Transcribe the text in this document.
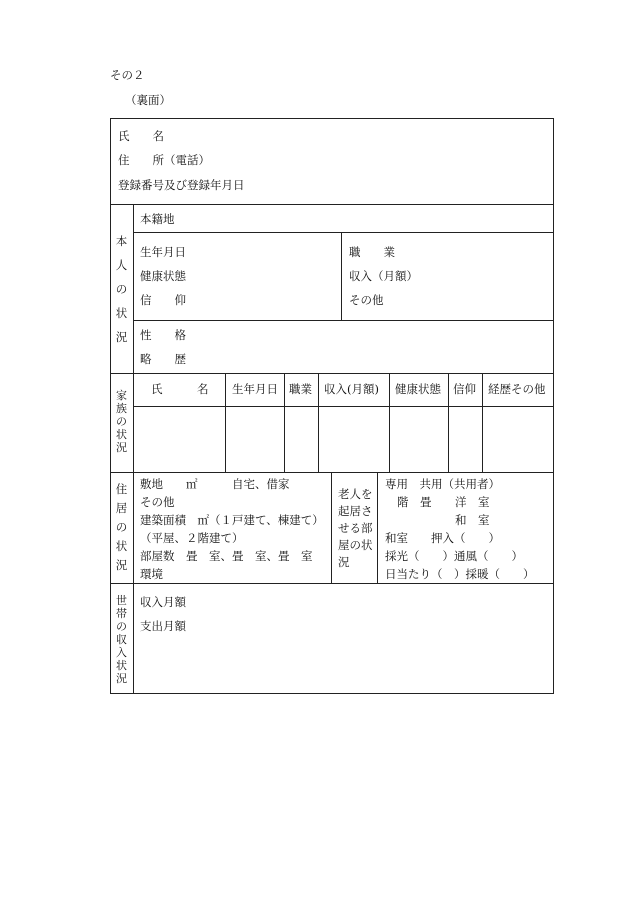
その２
（裏面）
氏　　名
住　　所（電話）
登録番号及び登録年月日
本
人
の
状
況
本籍地
生年月日
健康状態
信　　仰
職　　業
収入（月額）
その他
性　　格
略　　歴
家
族
の
状
況
氏　　　名 生年月日 職業 収入(月額) 健康状態 信仰 経歴その他
住
居
の
状
況
敷地　　㎡	自宅、借家
その他
建築面積　㎡（１戸建て、棟建て）
（平屋、２階建て）
部屋数　畳　室、畳　室、畳　室
環境
老人を
起居さ
せる部
屋の状
況
専用　共用（共用者）
階　畳 洋　室
和　室
和室　　押入（　　）
採光（　　）通風（　　）
日当たり（　）採暖（　　）
世
帯
の
収
入
状
況
収入月額
支出月額
